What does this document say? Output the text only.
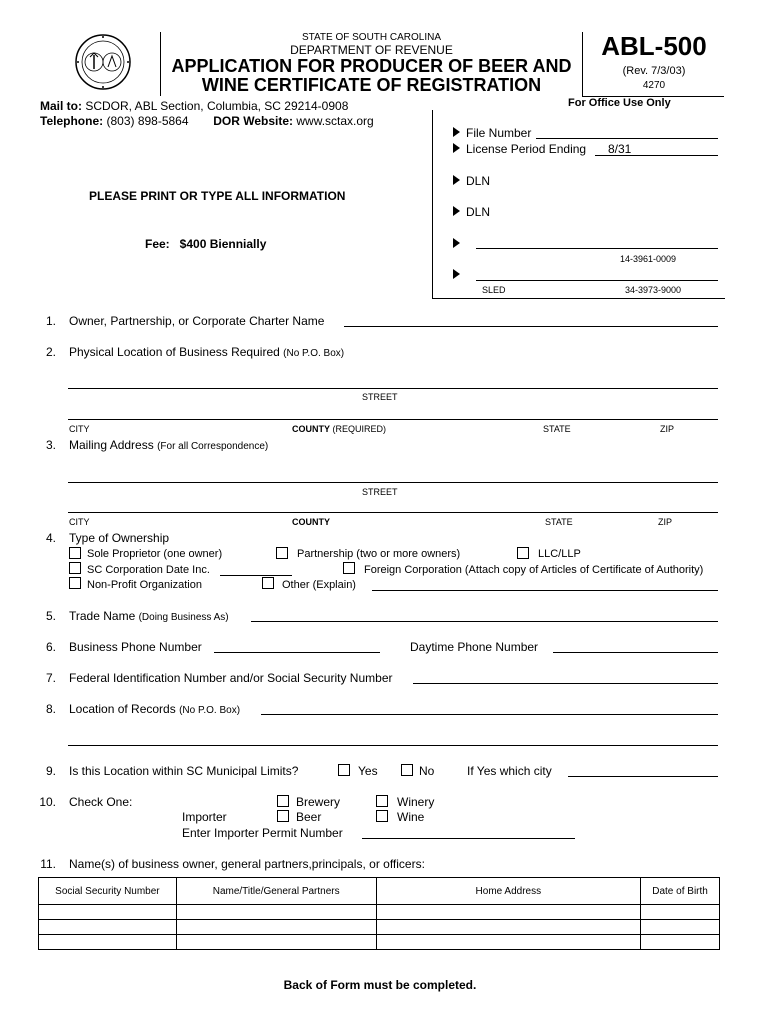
STATE OF SOUTH CAROLINA
DEPARTMENT OF REVENUE
APPLICATION FOR PRODUCER OF BEER AND
WINE CERTIFICATE OF REGISTRATION
ABL-500
(Rev. 7/3/03)
4270
Mail to: SCDOR, ABL Section, Columbia, SC 29214-0908
Telephone: (803) 898-5864 DOR Website: www.sctax.org
PLEASE PRINT OR TYPE ALL INFORMATION
Fee:   $400 Biennially
For Office Use Only
File Number
License Period Ending 8/31
DLN
DLN
14-3961-0009
SLED	34-3973-9000
1. Owner, Partnership, or Corporate Charter Name
2. Physical Location of Business Required (No P.O. Box)
STREET
CITY	COUNTY (REQUIRED)	STATE	ZIP
3. Mailing Address (For all Correspondence)
STREET
CITY	COUNTY	STATE	ZIP
4. Type of Ownership
Sole Proprietor (one owner)	Partnership (two or more owners)	LLC/LLP
SC Corporation Date Inc.	Foreign Corporation (Attach copy of Articles of Certificate of Authority)
Non-Profit Organization	Other (Explain)
5. Trade Name (Doing Business As)
6. Business Phone Number	Daytime Phone Number
7. Federal Identification Number and/or Social Security Number
8. Location of Records (No P.O. Box)
9. Is this Location within SC Municipal Limits?	Yes	No	If Yes which city
10. Check One:	Brewery	Winery
Importer	Beer	Wine
Enter Importer Permit Number
11. Name(s) of business owner, general partners,principals, or officers:
Social Security Number	Name/Title/General Partners	Home Address	Date of Birth

Back of Form must be completed.
